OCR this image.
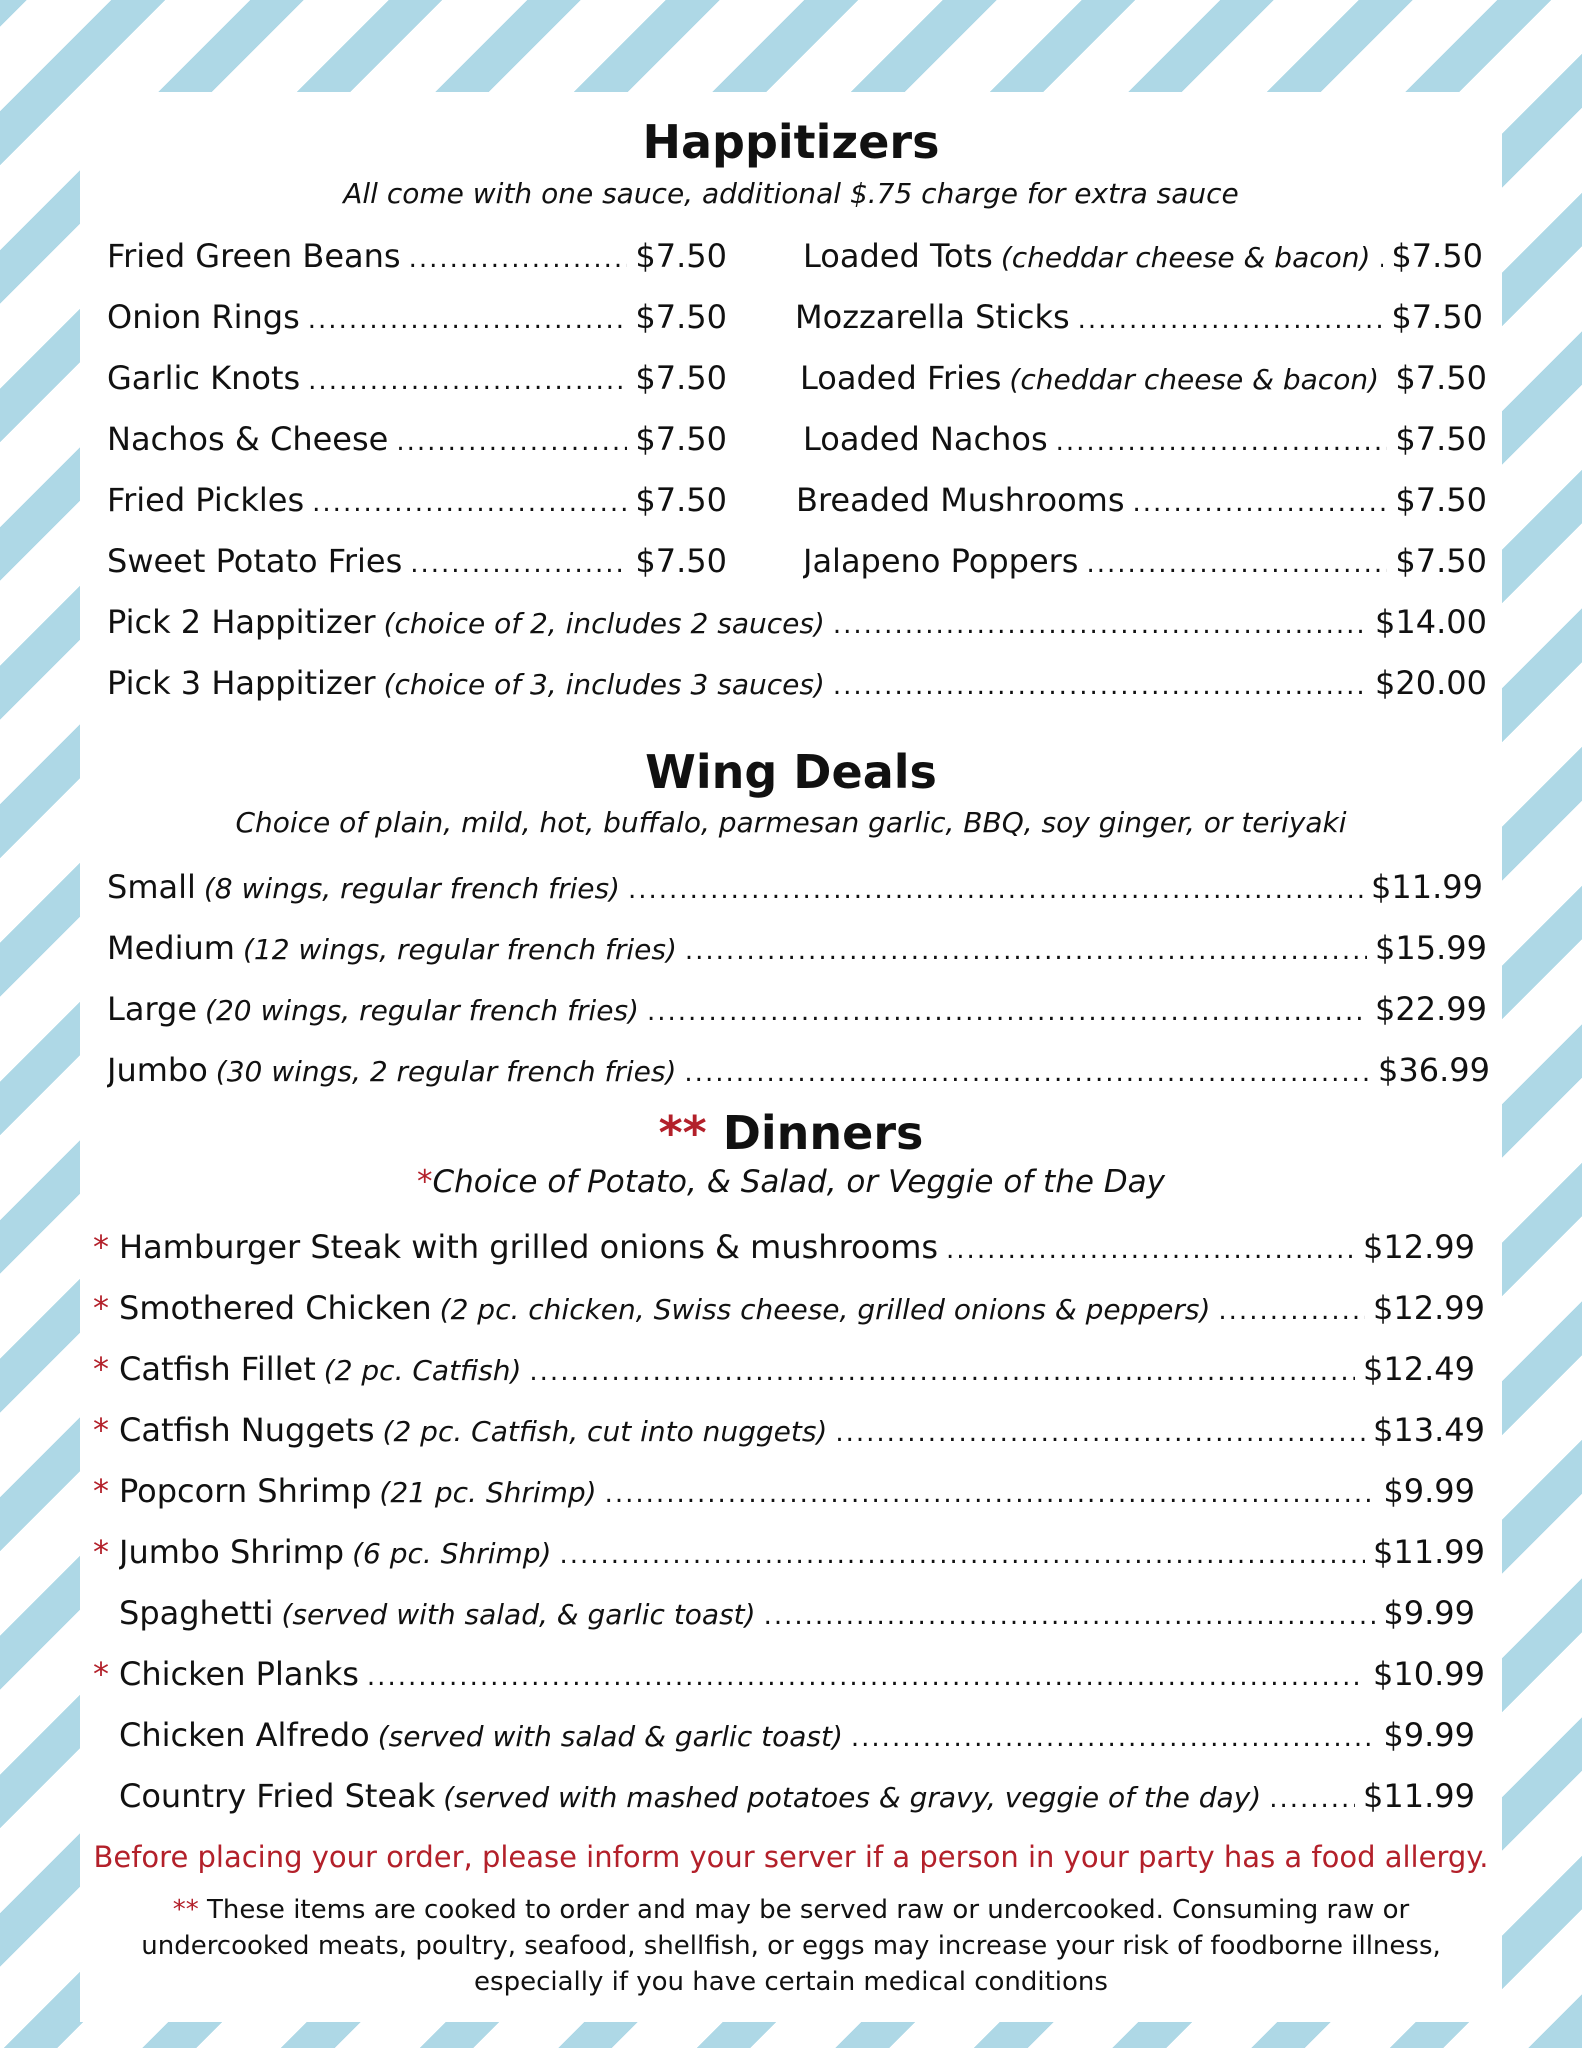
Happitizers
All come with one sauce, additional $.75 charge for extra sauce
Fried Green Beans .....	$7.50
Onion Rings .....	$7.50
Garlic Knots .....	$7.50
Nachos & Cheese .....	$7.50
Fried Pickles .....	$7.50
Sweet Potato Fries .....	$7.50
Loaded Tots (cheddar cheese & bacon) ..... $7.50
Mozzarella Sticks .....	$7.50
Loaded Fries (cheddar cheese & bacon) ..... $7.50
Loaded Nachos .....	$7.50
Breaded Mushrooms .....	$7.50
Jalapeno Poppers .....	$7.50
Pick 2 Happitizer (choice of 2, includes 2 sauces) .....	$14.00
Pick 3 Happitizer (choice of 3, includes 3 sauces) .....	$20.00
Wing Deals
Choice of plain, mild, hot, buffalo, parmesan garlic, BBQ, soy ginger, or teriyaki
Small (8 wings, regular french fries) .....	$11.99
Medium (12 wings, regular french fries) .....	$15.99
Large (20 wings, regular french fries) .....	$22.99
Jumbo (30 wings, 2 regular french fries) .....	$36.99
** Dinners
*Choice of Potato, & Salad, or Veggie of the Day
* Hamburger Steak with grilled onions & mushrooms .....	$12.99
* Smothered Chicken (2 pc. chicken, Swiss cheese, grilled onions & peppers) .....	$12.99
* Catfish Fillet (2 pc. Catfish) .....	$12.49
* Catfish Nuggets (2 pc. Catfish, cut into nuggets) .....	$13.49
* Popcorn Shrimp (21 pc. Shrimp) .....	$9.99
* Jumbo Shrimp (6 pc. Shrimp) .....	$11.99
Spaghetti (served with salad, & garlic toast) .....	$9.99
* Chicken Planks .....	$10.99
Chicken Alfredo (served with salad & garlic toast) .....	$9.99
Country Fried Steak (served with mashed potatoes & gravy, veggie of the day) .....	$11.99
Before placing your order, please inform your server if a person in your party has a food allergy.
** These items are cooked to order and may be served raw or undercooked. Consuming raw or undercooked meats, poultry, seafood, shellfish, or eggs may increase your risk of foodborne illness, especially if you have certain medical conditions
